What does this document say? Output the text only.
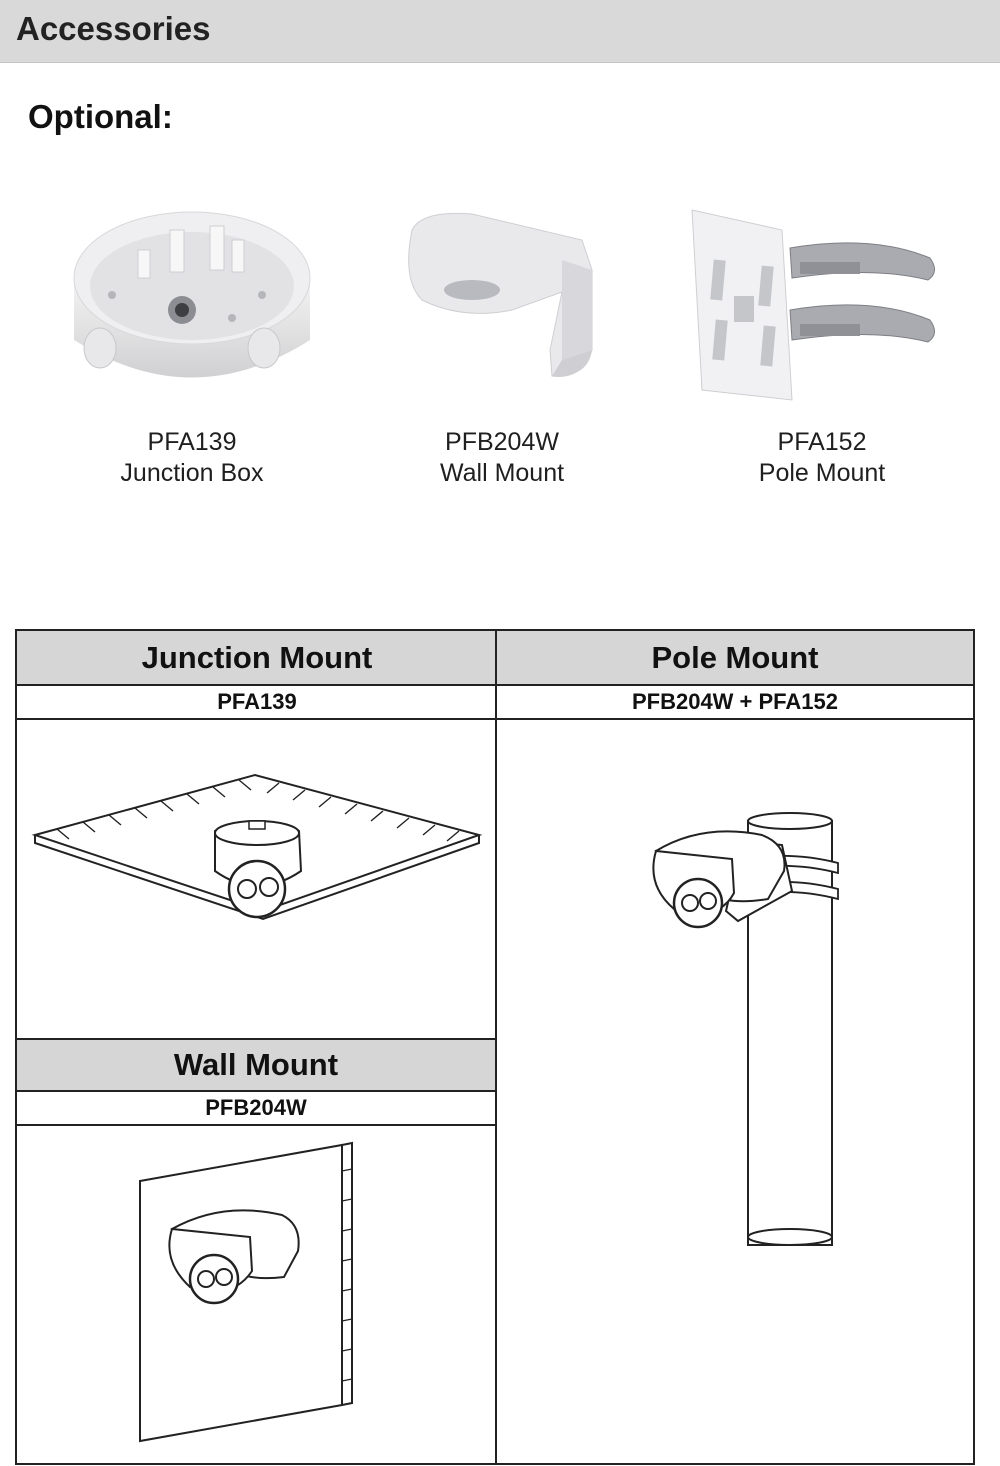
Accessories
Optional:
PFA139
Junction Box
PFB204W
Wall Mount
PFA152
Pole Mount
Junction Mount
PFA139
Pole Mount
PFB204W + PFA152
Wall Mount
PFB204W
